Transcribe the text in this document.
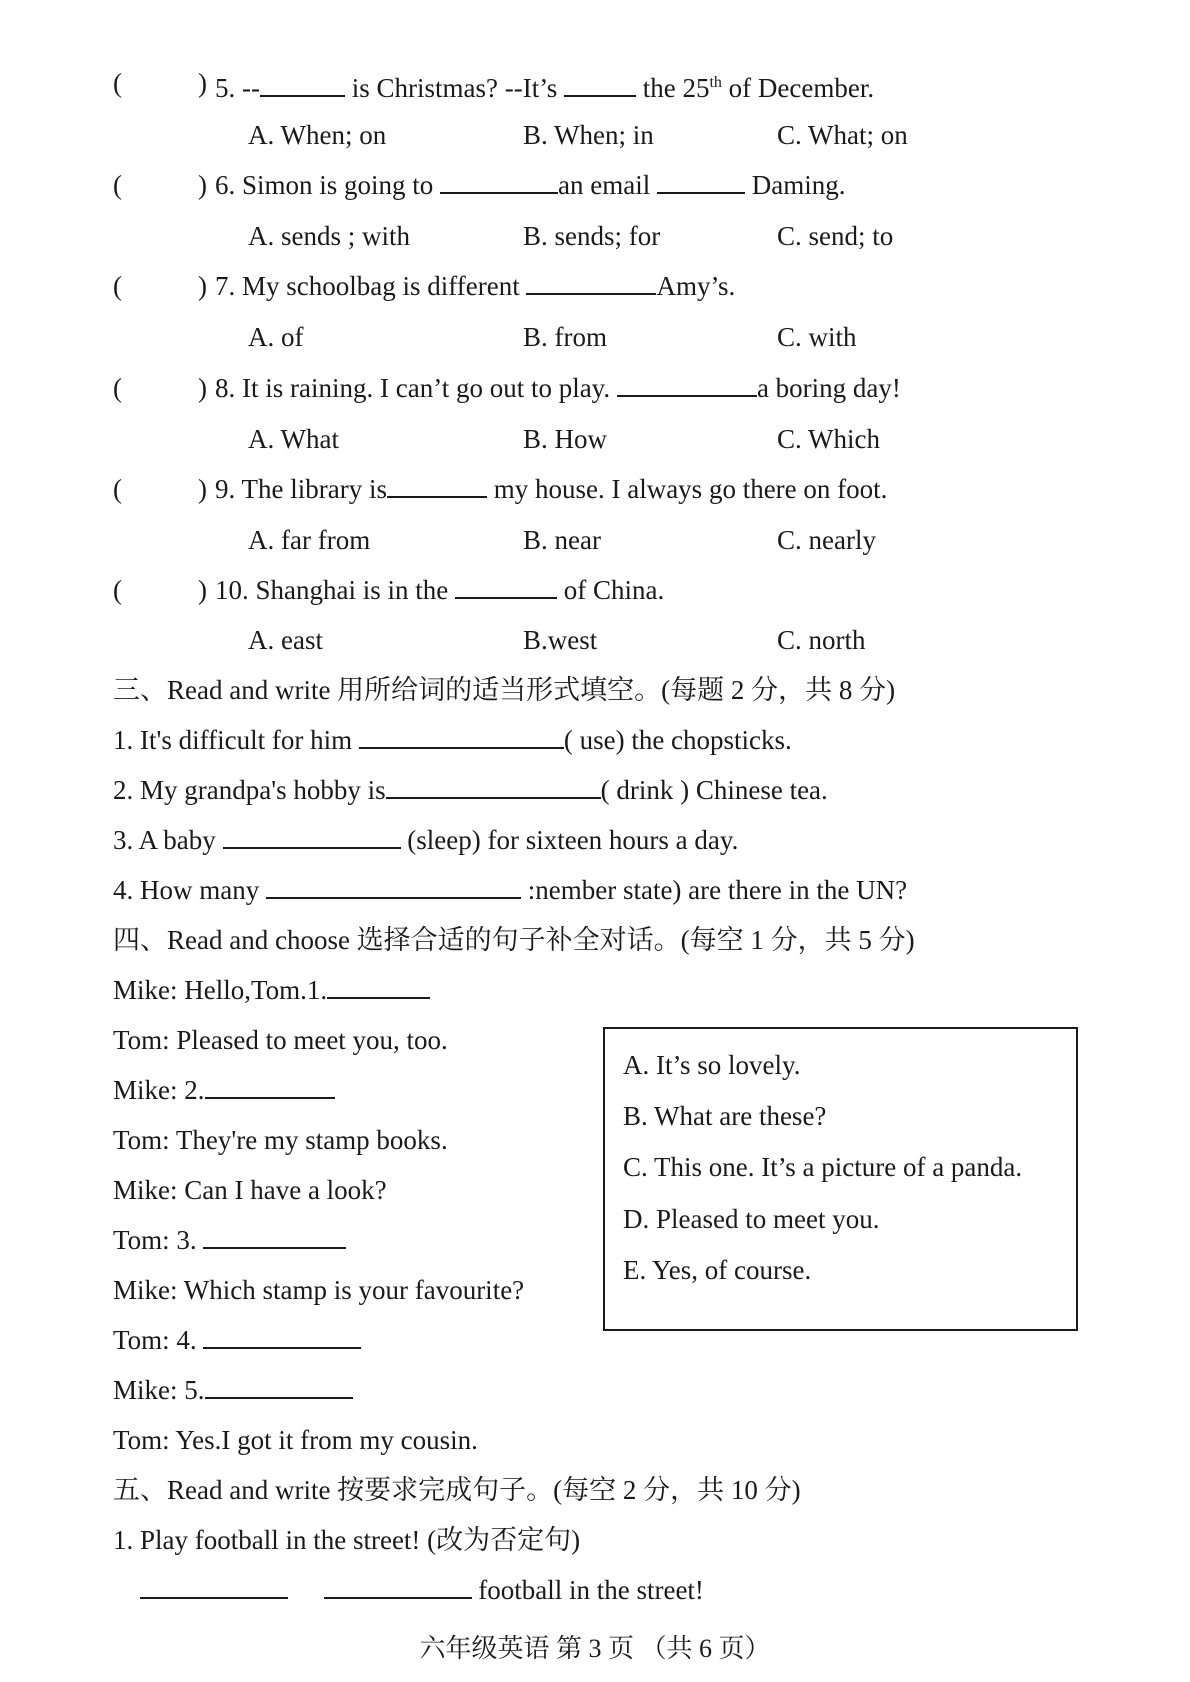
(	) 5. --	is Christmas? --It’s	the 25th of December.
A. When; on	B. When; in	C. What; on
(	) 6. Simon is going to	an email	Daming.
A. sends ; with	B. sends; for	C. send; to
(	) 7. My schoolbag is different	Amy’s.
A. of	B. from	C. with
(	) 8. It is raining. I can’t go out to play.	a boring day!
A. What	B. How	C. Which
(	) 9. The library is	my house. I always go there on foot.
A. far from	B. near	C. nearly
(	) 10. Shanghai is in the	of China.
A. east	B.west	C. north
三、Read and write 用所给词的适当形式填空。(每题 2 分，共 8 分)
1. It's difficult for him	( use) the chopsticks.
2. My grandpa's hobby is	( drink ) Chinese tea.
3. A baby	(sleep) for sixteen hours a day.
4. How many	:nember state) are there in the UN?
四、Read and choose 选择合适的句子补全对话。(每空 1 分，共 5 分)
Mike: Hello,Tom.1.
Tom: Pleased to meet you, too.
Mike: 2.
Tom: They're my stamp books.
Mike: Can I have a look?
Tom: 3.
Mike: Which stamp is your favourite?
Tom: 4.
Mike: 5.
Tom: Yes.I got it from my cousin.
A. It’s so lovely.
B. What are these?
C. This one. It’s a picture of a panda.
D. Pleased to meet you.
E. Yes, of course.
五、Read and write 按要求完成句子。(每空 2 分，共 10 分)
1. Play football in the street! (改为否定句)
football in the street!
六年级英语 第 3 页 （共 6 页）
